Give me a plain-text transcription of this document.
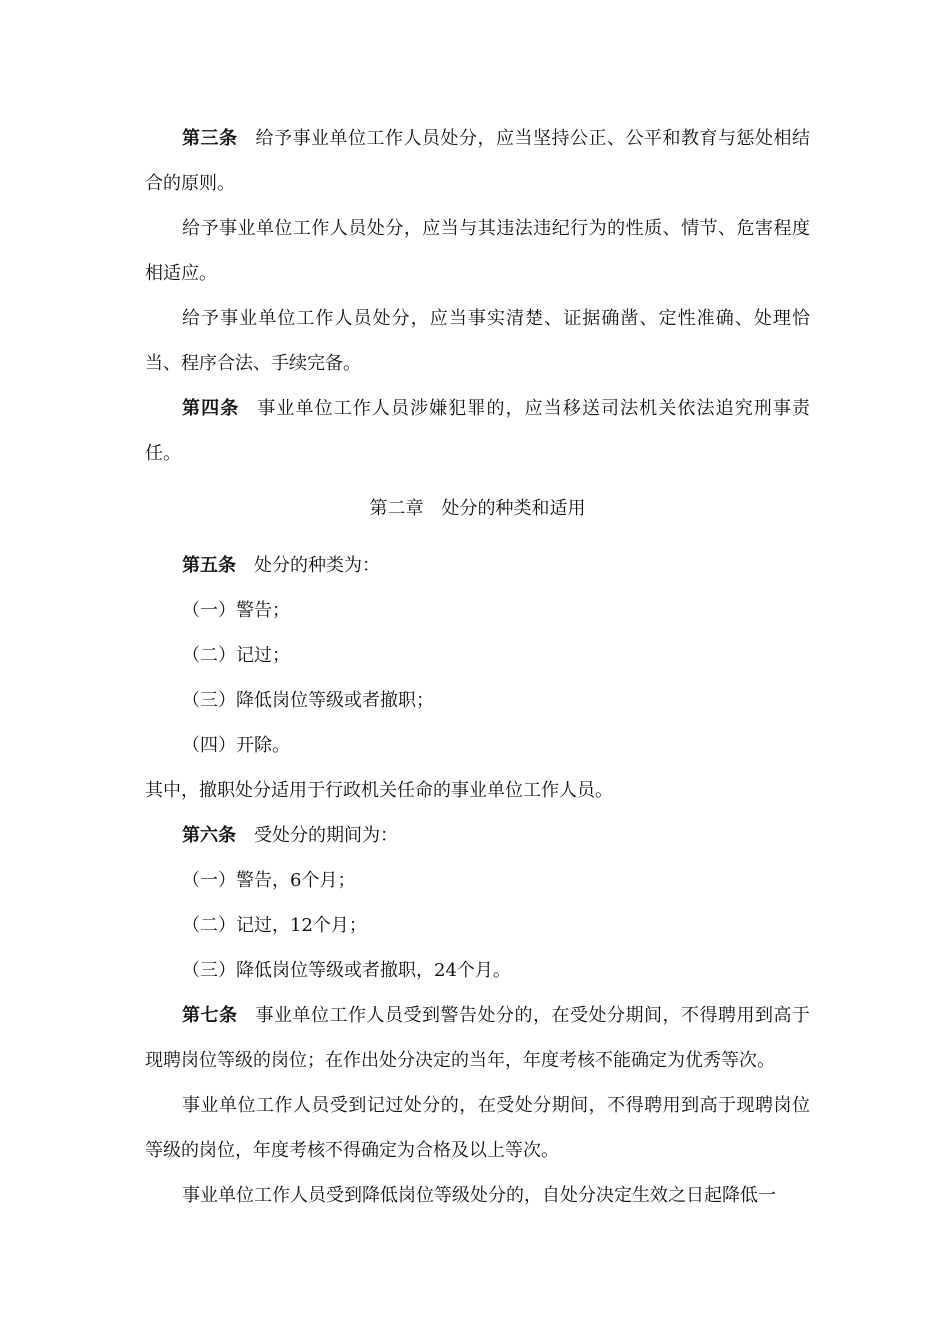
第三条 给予事业单位工作人员处分，应当坚持公正、公平和教育与惩处相结合的原则。

给予事业单位工作人员处分，应当与其违法违纪行为的性质、情节、危害程度相适应。

给予事业单位工作人员处分，应当事实清楚、证据确凿、定性准确、处理恰当、程序合法、手续完备。

第四条 事业单位工作人员涉嫌犯罪的，应当移送司法机关依法追究刑事责任。

第二章　处分的种类和适用

第五条 处分的种类为：

（一）警告；

（二）记过；

（三）降低岗位等级或者撤职；

（四）开除。

其中，撤职处分适用于行政机关任命的事业单位工作人员。

第六条 受处分的期间为：

（一）警告，6个月；

（二）记过，12个月；

（三）降低岗位等级或者撤职，24个月。

第七条 事业单位工作人员受到警告处分的，在受处分期间，不得聘用到高于现聘岗位等级的岗位；在作出处分决定的当年，年度考核不能确定为优秀等次。

事业单位工作人员受到记过处分的，在受处分期间，不得聘用到高于现聘岗位等级的岗位，年度考核不得确定为合格及以上等次。

事业单位工作人员受到降低岗位等级处分的，自处分决定生效之日起降低一
